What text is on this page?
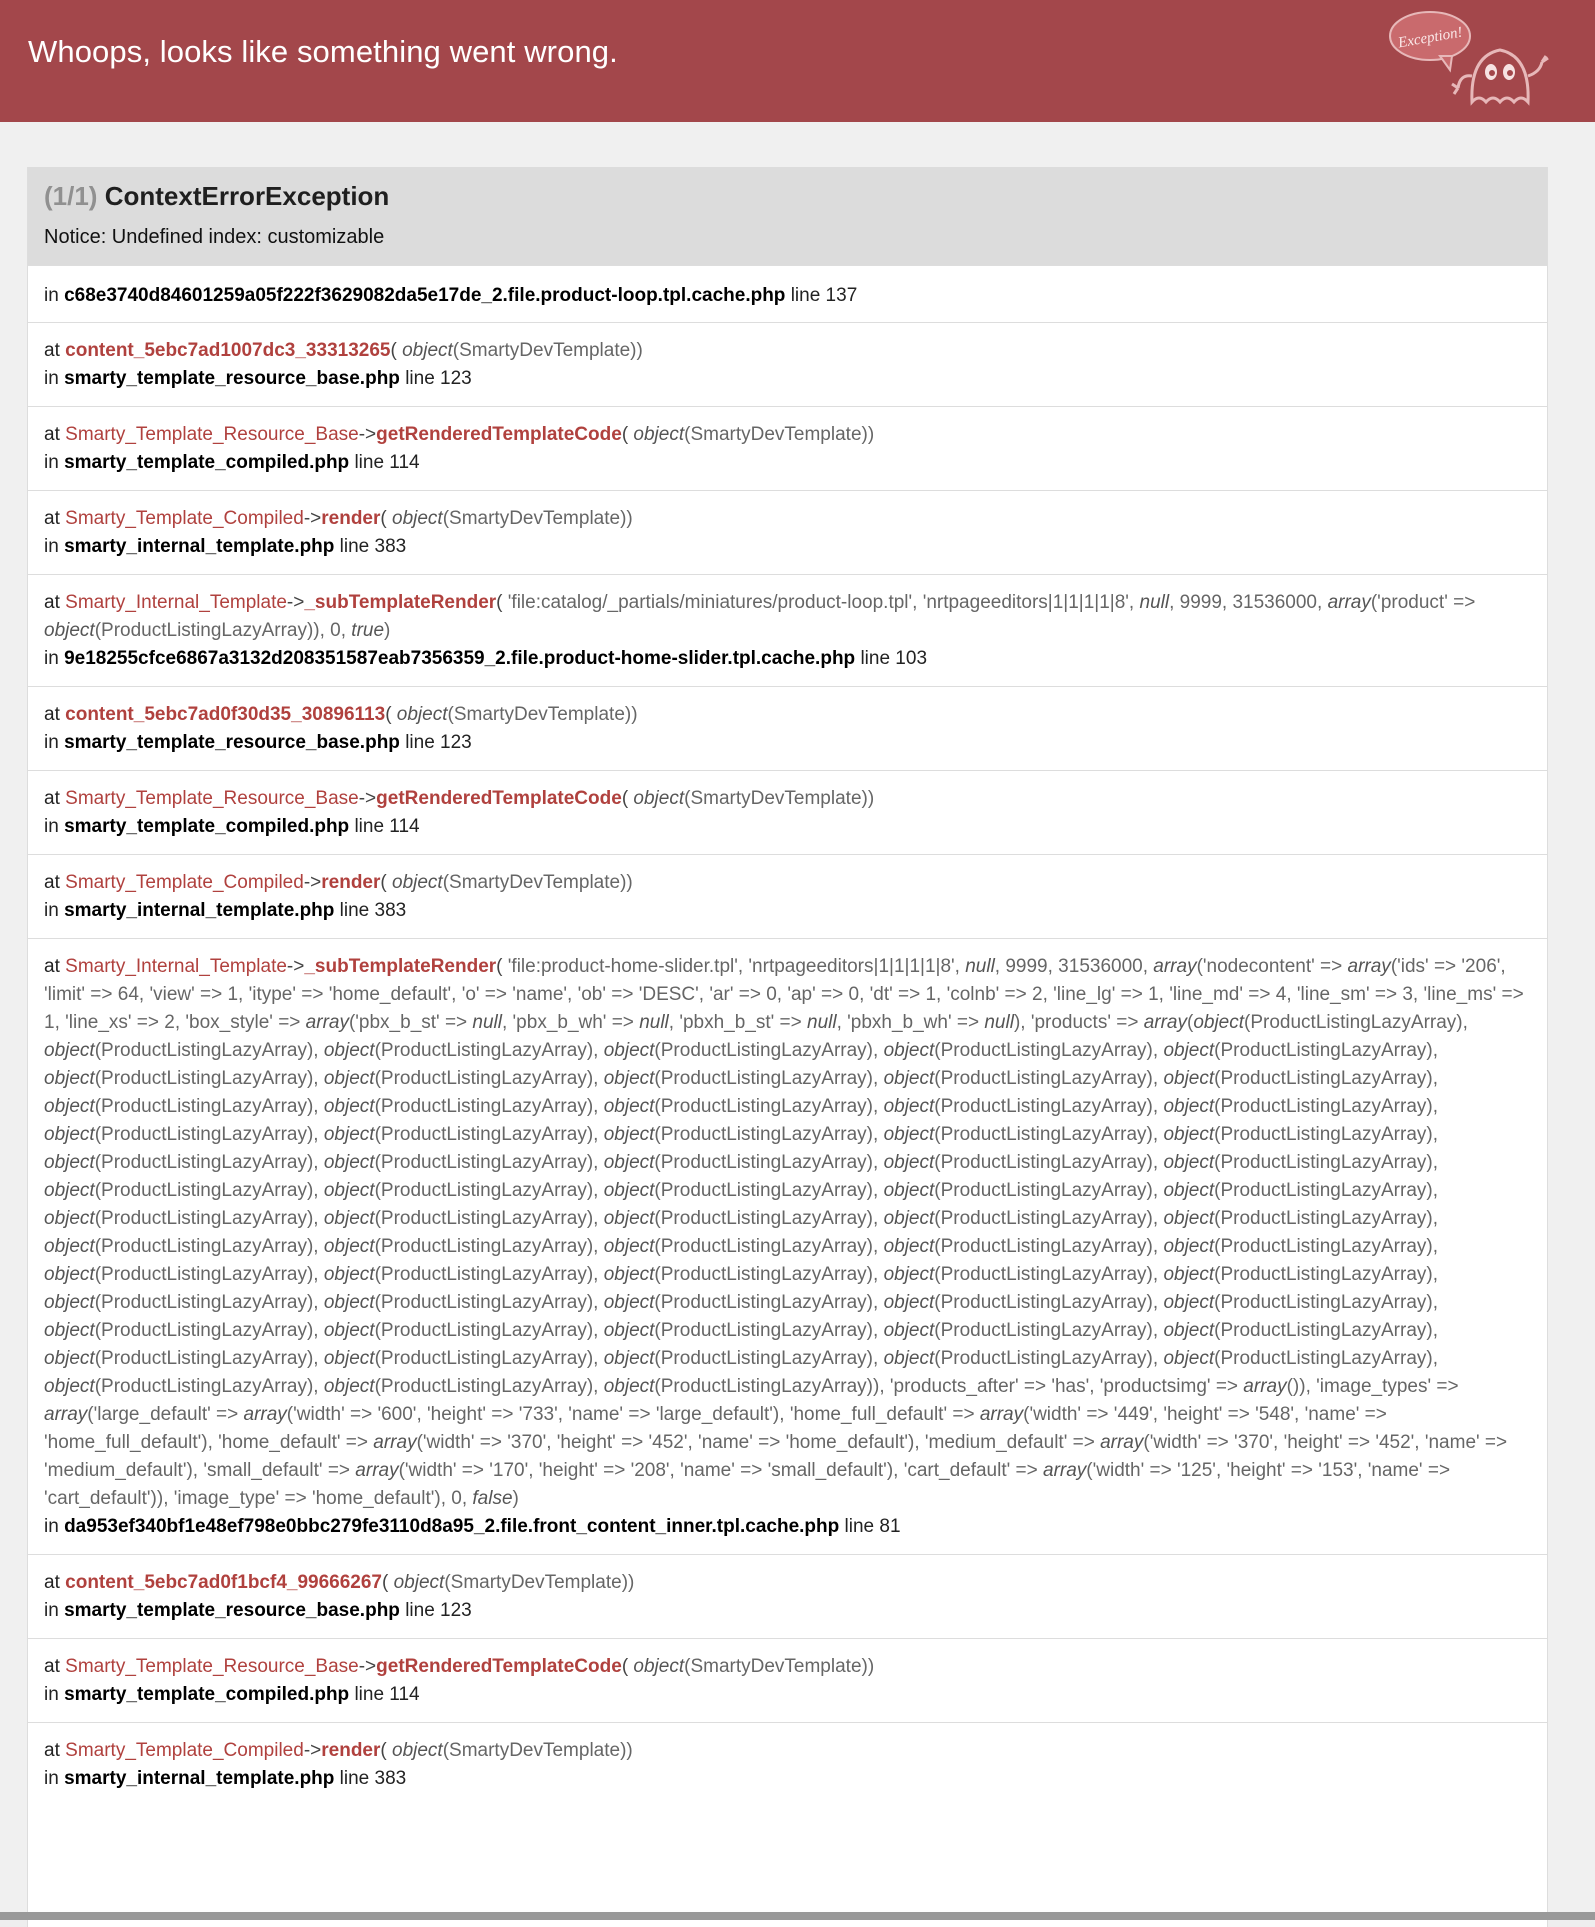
Whoops, looks like something went wrong.	Exception!
(1/1) ContextErrorException
Notice: Undefined index: customizable
in c68e3740d84601259a05f222f3629082da5e17de_2.file.product-loop.tpl.cache.php line 137
at content_5ebc7ad1007dc3_33313265( object(SmartyDevTemplate))
in smarty_template_resource_base.php line 123
at Smarty_Template_Resource_Base->getRenderedTemplateCode( object(SmartyDevTemplate))
in smarty_template_compiled.php line 114
at Smarty_Template_Compiled->render( object(SmartyDevTemplate))
in smarty_internal_template.php line 383
at Smarty_Internal_Template->_subTemplateRender( 'file:catalog/_partials/miniatures/product-loop.tpl', 'nrtpageeditors|1|1|1|1|8', null, 9999, 31536000, array('product' => object(ProductListingLazyArray)), 0, true)
in 9e18255cfce6867a3132d208351587eab7356359_2.file.product-home-slider.tpl.cache.php line 103
at content_5ebc7ad0f30d35_30896113( object(SmartyDevTemplate))
in smarty_template_resource_base.php line 123
at Smarty_Template_Resource_Base->getRenderedTemplateCode( object(SmartyDevTemplate))
in smarty_template_compiled.php line 114
at Smarty_Template_Compiled->render( object(SmartyDevTemplate))
in smarty_internal_template.php line 383
at Smarty_Internal_Template->_subTemplateRender( 'file:product-home-slider.tpl', 'nrtpageeditors|1|1|1|1|8', null, 9999, 31536000, array('nodecontent' => array('ids' => '206', 'limit' => 64, 'view' => 1, 'itype' => 'home_default', 'o' => 'name', 'ob' => 'DESC', 'ar' => 0, 'ap' => 0, 'dt' => 1, 'colnb' => 2, 'line_lg' => 1, 'line_md' => 4, 'line_sm' => 3, 'line_ms' => 1, 'line_xs' => 2, 'box_style' => array('pbx_b_st' => null, 'pbx_b_wh' => null, 'pbxh_b_st' => null, 'pbxh_b_wh' => null), 'products' => array(object(ProductListingLazyArray), object(ProductListingLazyArray), object(ProductListingLazyArray), object(ProductListingLazyArray), object(ProductListingLazyArray), object(ProductListingLazyArray), object(ProductListingLazyArray), object(ProductListingLazyArray), object(ProductListingLazyArray), object(ProductListingLazyArray), object(ProductListingLazyArray), object(ProductListingLazyArray), object(ProductListingLazyArray), object(ProductListingLazyArray), object(ProductListingLazyArray), object(ProductListingLazyArray), object(ProductListingLazyArray), object(ProductListingLazyArray), object(ProductListingLazyArray), object(ProductListingLazyArray), object(ProductListingLazyArray), object(ProductListingLazyArray), object(ProductListingLazyArray), object(ProductListingLazyArray), object(ProductListingLazyArray), object(ProductListingLazyArray), object(ProductListingLazyArray), object(ProductListingLazyArray), object(ProductListingLazyArray), object(ProductListingLazyArray), object(ProductListingLazyArray), object(ProductListingLazyArray), object(ProductListingLazyArray), object(ProductListingLazyArray), object(ProductListingLazyArray), object(ProductListingLazyArray), object(ProductListingLazyArray), object(ProductListingLazyArray), object(ProductListingLazyArray), object(ProductListingLazyArray), object(ProductListingLazyArray), object(ProductListingLazyArray), object(ProductListingLazyArray), object(ProductListingLazyArray), object(ProductListingLazyArray), object(ProductListingLazyArray), object(ProductListingLazyArray), object(ProductListingLazyArray), object(ProductListingLazyArray), object(ProductListingLazyArray), object(ProductListingLazyArray), object(ProductListingLazyArray), object(ProductListingLazyArray), object(ProductListingLazyArray), object(ProductListingLazyArray), object(ProductListingLazyArray), object(ProductListingLazyArray), object(ProductListingLazyArray), object(ProductListingLazyArray), object(ProductListingLazyArray), object(ProductListingLazyArray), object(ProductListingLazyArray), object(ProductListingLazyArray), object(ProductListingLazyArray)), 'products_after' => 'has', 'productsimg' => array()), 'image_types' => array('large_default' => array('width' => '600', 'height' => '733', 'name' => 'large_default'), 'home_full_default' => array('width' => '449', 'height' => '548', 'name' => 'home_full_default'), 'home_default' => array('width' => '370', 'height' => '452', 'name' => 'home_default'), 'medium_default' => array('width' => '370', 'height' => '452', 'name' => 'medium_default'), 'small_default' => array('width' => '170', 'height' => '208', 'name' => 'small_default'), 'cart_default' => array('width' => '125', 'height' => '153', 'name' => 'cart_default')), 'image_type' => 'home_default'), 0, false)
in da953ef340bf1e48ef798e0bbc279fe3110d8a95_2.file.front_content_inner.tpl.cache.php line 81
at content_5ebc7ad0f1bcf4_99666267( object(SmartyDevTemplate))
in smarty_template_resource_base.php line 123
at Smarty_Template_Resource_Base->getRenderedTemplateCode( object(SmartyDevTemplate))
in smarty_template_compiled.php line 114
at Smarty_Template_Compiled->render( object(SmartyDevTemplate))
in smarty_internal_template.php line 383
